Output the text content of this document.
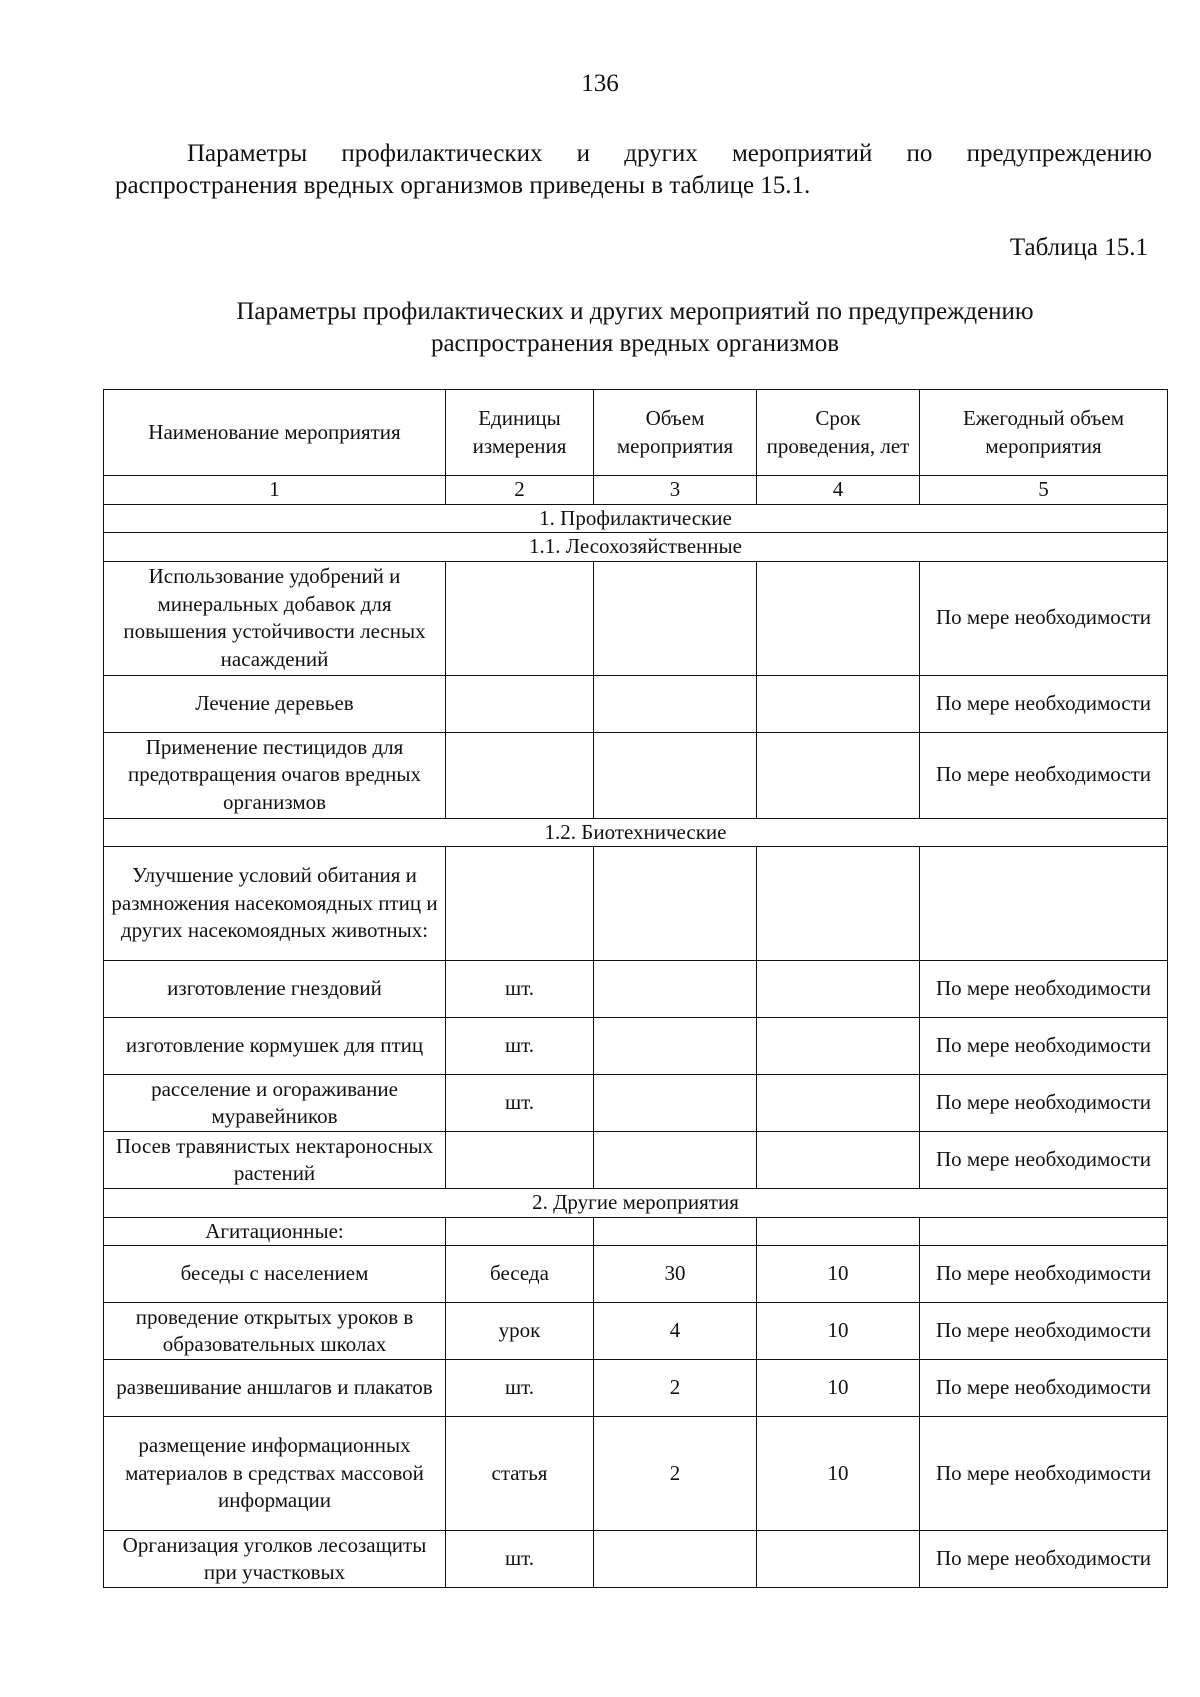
136

Параметры профилактических и других мероприятий по предупреждению распространения вредных организмов приведены в таблице 15.1.

Таблица 15.1
Параметры профилактических и других мероприятий по предупреждению
распространения вредных организмов
Наименование мероприятия	Единицы измерения	Объем мероприятия	Срок проведения, лет	Ежегодный объем мероприятия
1	2	3	4	5
1. Профилактические				
1.1. Лесохозяйственные				
Использование удобрений и минеральных добавок для повышения устойчивости лесных насаждений				По мере необходимости
Лечение деревьев				По мере необходимости
Применение пестицидов для предотвращения очагов вредных организмов				По мере необходимости
1.2. Биотехнические				
Улучшение условий обитания и размножения насекомоядных птиц и других насекомоядных животных:				
изготовление гнездовий	шт.			По мере необходимости
изготовление кормушек для птиц	шт.			По мере необходимости
расселение и огораживание муравейников	шт.			По мере необходимости
Посев травянистых нектароносных растений				По мере необходимости
2. Другие мероприятия				
Агитационные:				
беседы с населением	беседа	30	10	По мере необходимости
проведение открытых уроков в образовательных школах	урок	4	10	По мере необходимости
развешивание аншлагов и плакатов	шт.	2	10	По мере необходимости
размещение информационных материалов в средствах массовой информации	статья	2	10	По мере необходимости
Организация уголков лесозащиты при участковых	шт.			По мере необходимости
